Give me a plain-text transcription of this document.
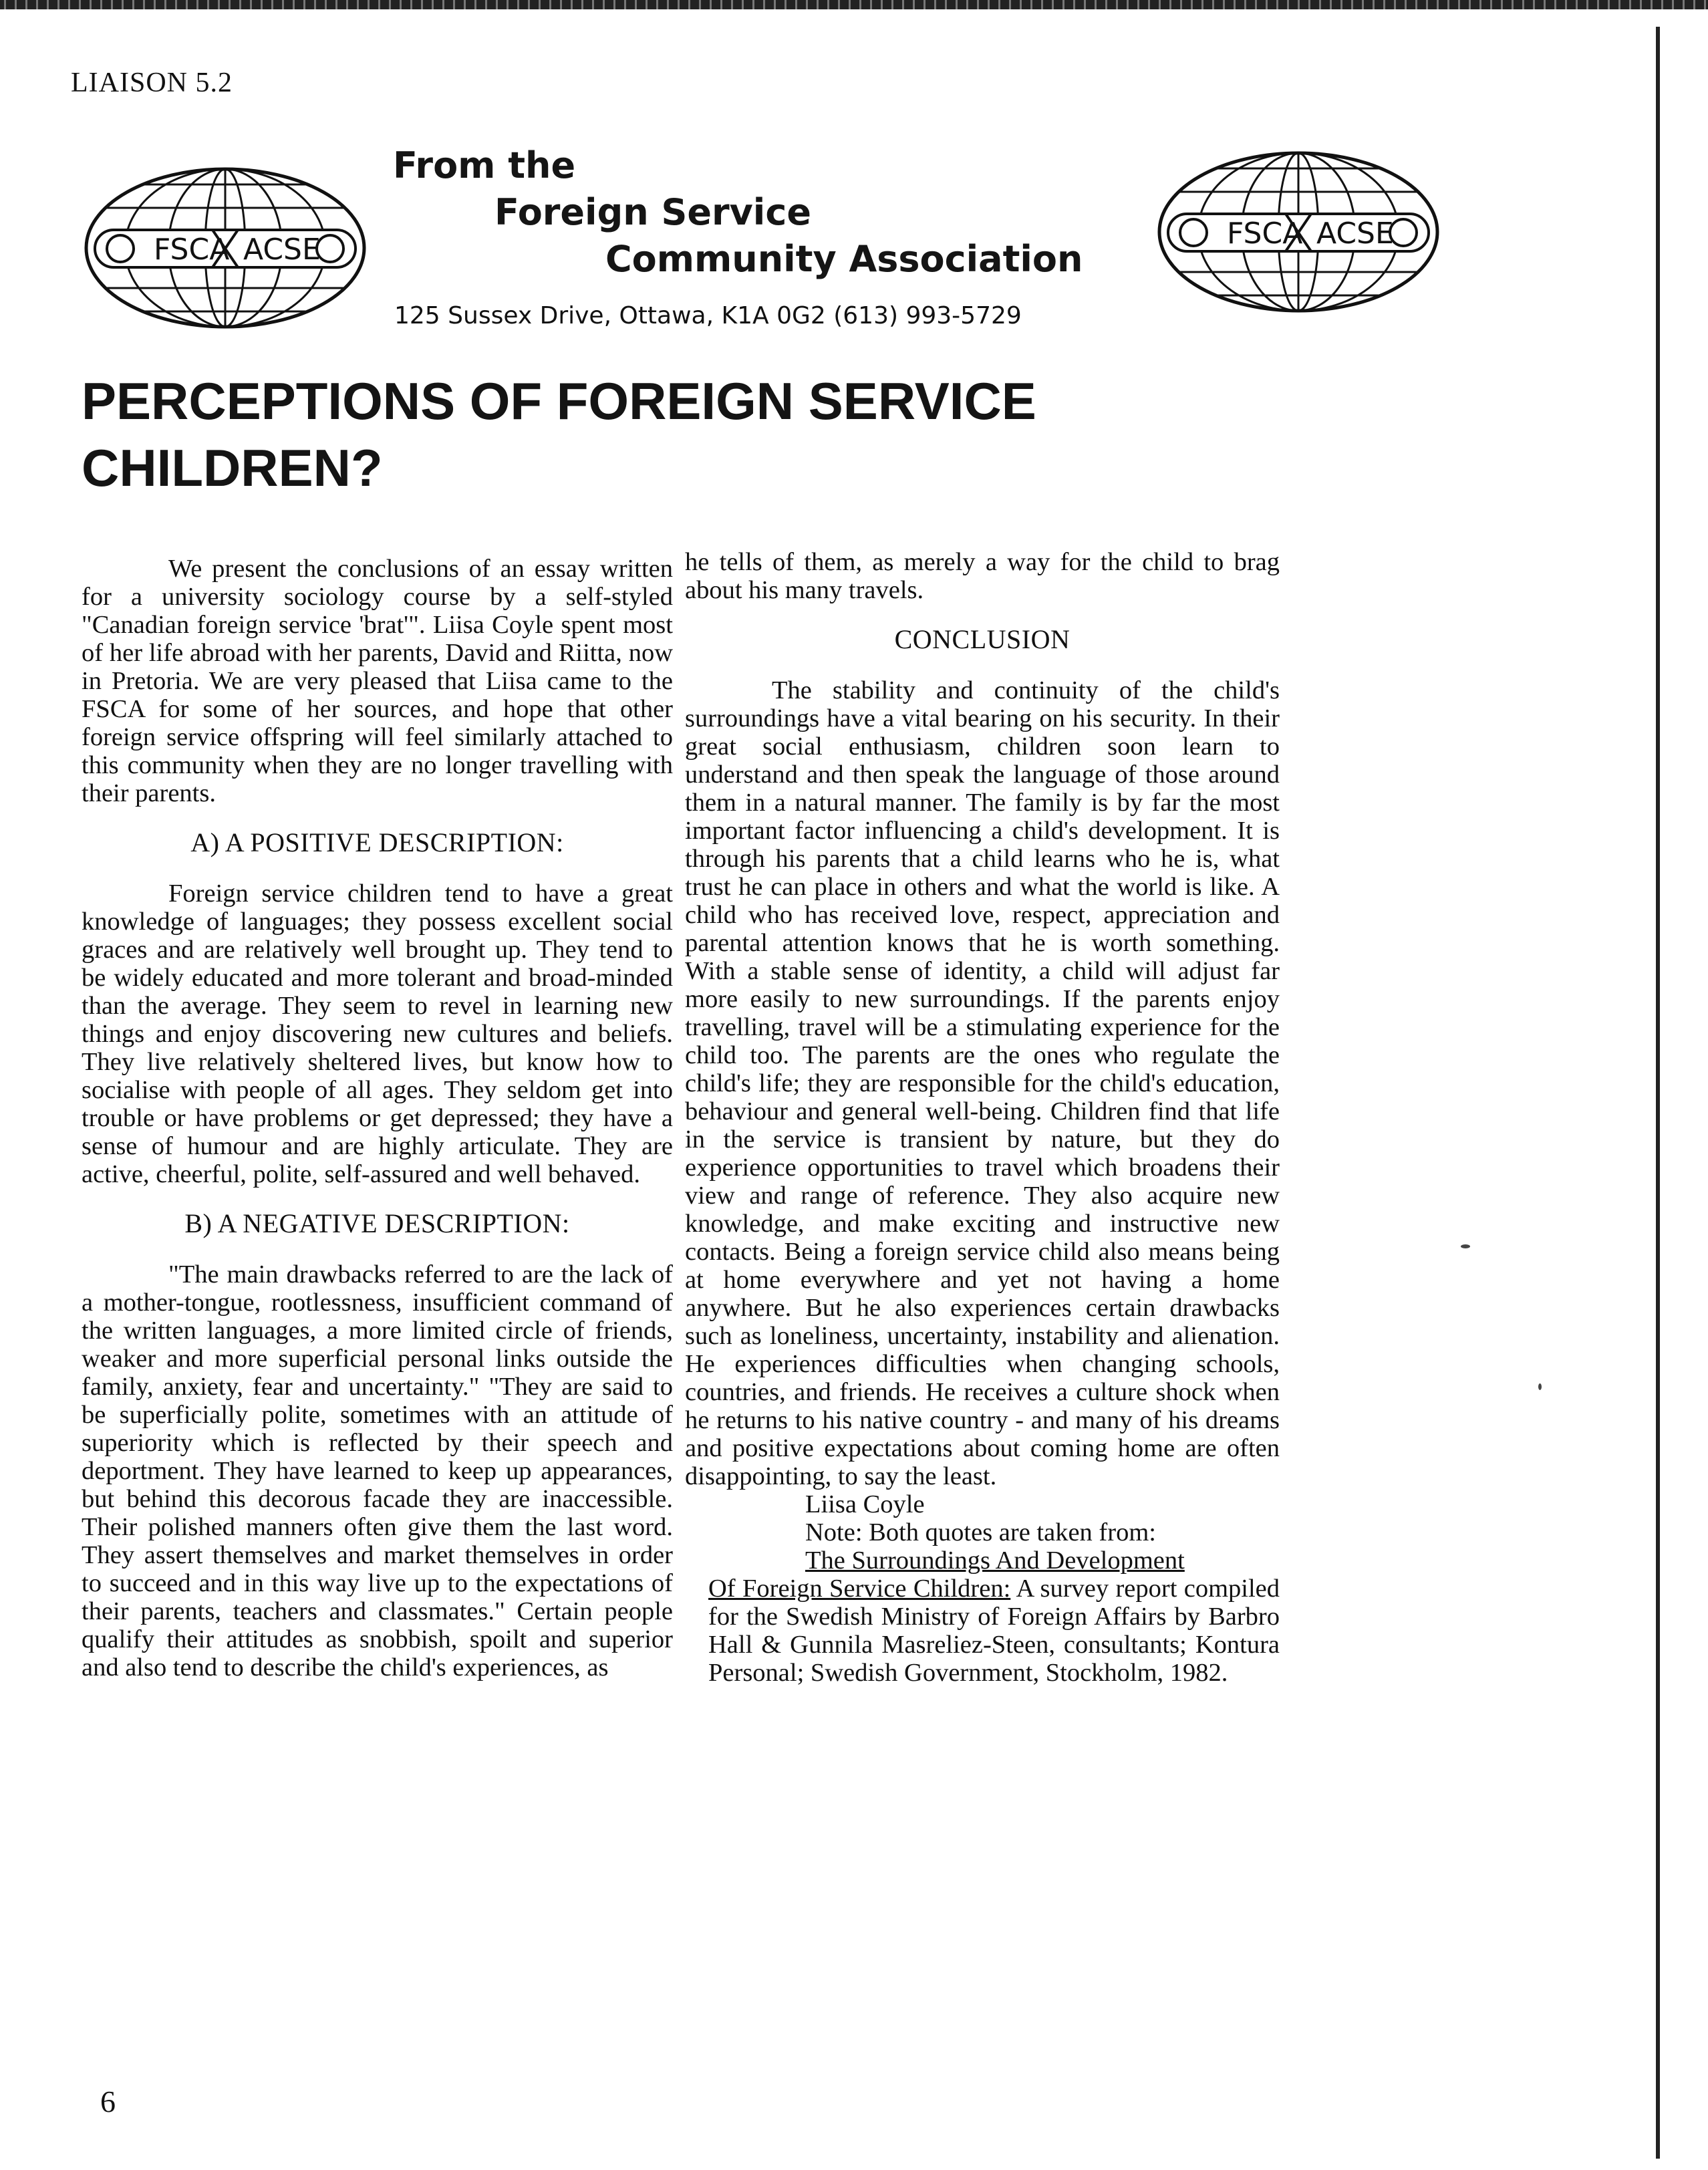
LIAISON 5.2
FSCA ACSE	FSCA ACSE
From the
Foreign Service
Community Association
125 Sussex Drive, Ottawa, K1A 0G2 (613) 993-5729
PERCEPTIONS OF FOREIGN SERVICE
CHILDREN?

We present the conclusions of an essay written for a university sociology course by a self-styled "Canadian foreign service 'brat'". Liisa Coyle spent most of her life abroad with her parents, David and Riitta, now in Pretoria. We are very pleased that Liisa came to the FSCA for some of her sources, and hope that other foreign service offspring will feel similarly attached to this community when they are no longer travelling with their parents.

A) A POSITIVE DESCRIPTION:

Foreign service children tend to have a great knowledge of languages; they possess excellent social graces and are relatively well brought up. They tend to be widely educated and more tolerant and broad-minded than the average. They seem to revel in learning new things and enjoy discovering new cultures and beliefs. They live relatively sheltered lives, but know how to socialise with people of all ages. They seldom get into trouble or have problems or get depressed; they have a sense of humour and are highly articulate. They are active, cheerful, polite, self-assured and well behaved.

B) A NEGATIVE DESCRIPTION:

"The main drawbacks referred to are the lack of a mother-tongue, rootlessness, insufficient command of the written languages, a more limited circle of friends, weaker and more superficial personal links outside the family, anxiety, fear and uncertainty." "They are said to be superficially polite, sometimes with an attitude of superiority which is reflected by their speech and deportment. They have learned to keep up appearances, but behind this decorous facade they are inaccessible. Their polished manners often give them the last word. They assert themselves and market themselves in order to succeed and in this way live up to the expectations of their parents, teachers and classmates." Certain people qualify their attitudes as snobbish, spoilt and superior and also tend to describe the child's experiences, as

he tells of them, as merely a way for the child to brag about his many travels.

CONCLUSION

The stability and continuity of the child's surroundings have a vital bearing on his security. In their great social enthusiasm, children soon learn to understand and then speak the language of those around them in a natural manner. The family is by far the most important factor influencing a child's development. It is through his parents that a child learns who he is, what trust he can place in others and what the world is like. A child who has received love, respect, appreciation and parental attention knows that he is worth something. With a stable sense of identity, a child will adjust far more easily to new surroundings. If the parents enjoy travelling, travel will be a stimulating experience for the child too. The parents are the ones who regulate the child's life; they are responsible for the child's education, behaviour and general well-being. Children find that life in the service is transient by nature, but they do experience opportunities to travel which broadens their view and range of reference. They also acquire new knowledge, and make exciting and instructive new contacts. Being a foreign service child also means being at home everywhere and yet not having a home anywhere. But he also experiences certain drawbacks such as loneliness, uncertainty, instability and alienation. He experiences difficulties when changing schools, countries, and friends. He receives a culture shock when he returns to his native country - and many of his dreams and positive expectations about coming home are often disappointing, to say the least.

Liisa Coyle

Note: Both quotes are taken from:

The Surroundings And Development

Of Foreign Service Children: A survey report compiled for the Swedish Ministry of Foreign Affairs by Barbro Hall & Gunnila Masreliez-Steen, consultants; Kontura Personal; Swedish Government, Stockholm, 1982.

6
